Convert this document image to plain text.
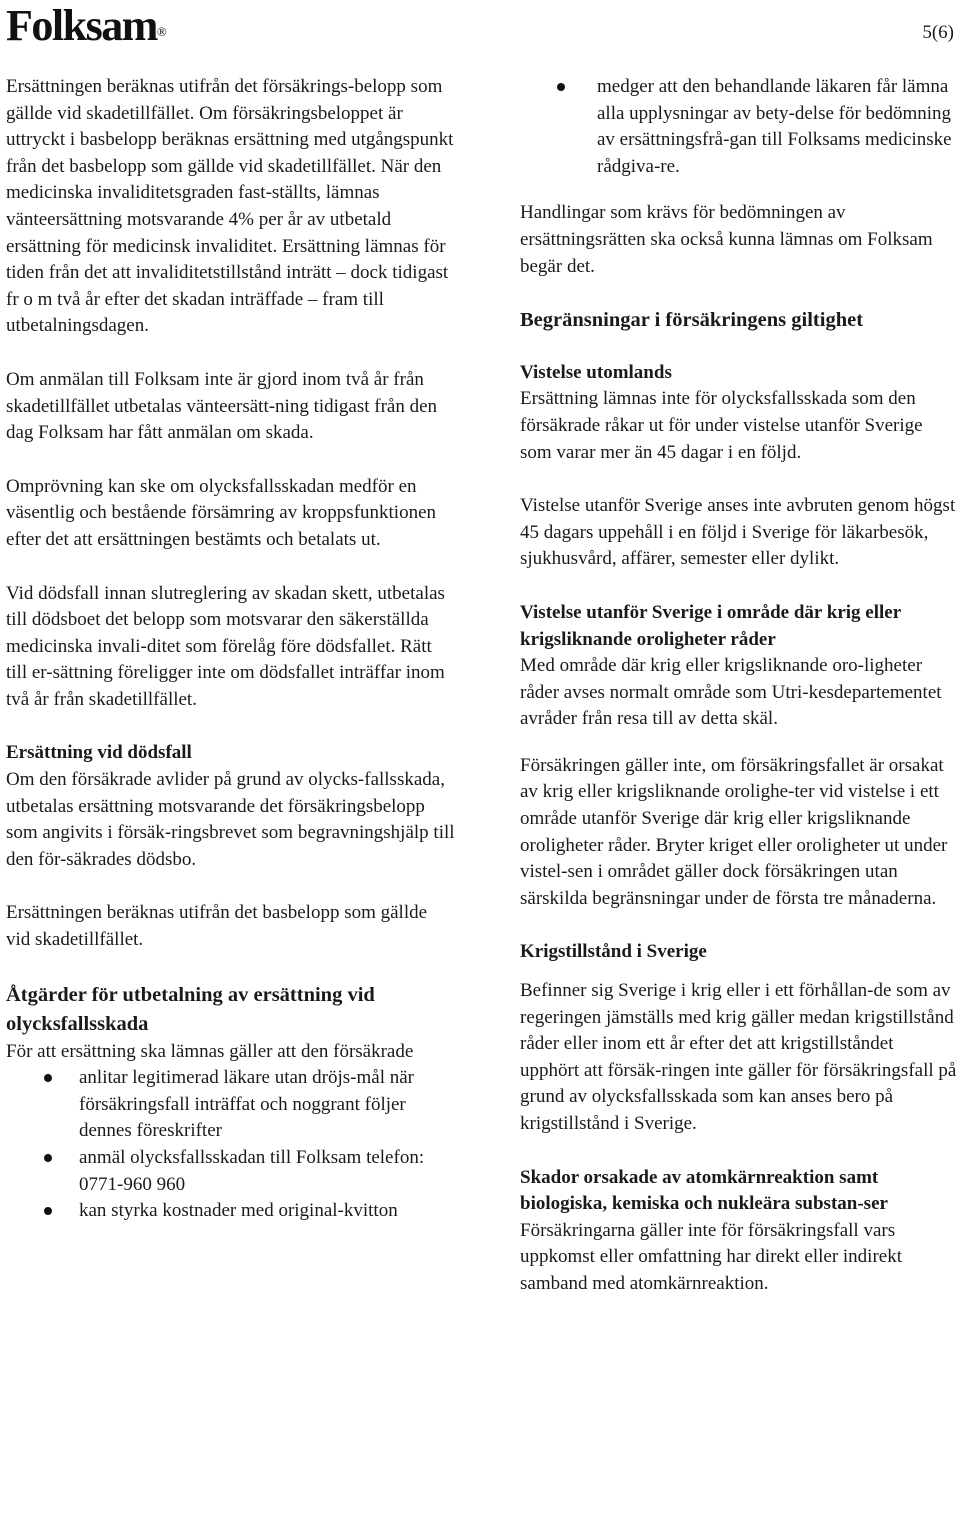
Folksam®	5(6)

Ersättningen beräknas utifrån det försäkrings-belopp som gällde vid skadetillfället. Om försäkringsbeloppet är uttryckt i basbelopp beräknas ersättning med utgångspunkt från det basbelopp som gällde vid skadetillfället. När den medicinska invaliditetsgraden fast-ställts, lämnas vänteersättning motsvarande 4% per år av utbetald ersättning för medicinsk invaliditet. Ersättning lämnas för tiden från det att invaliditetstillstånd inträtt – dock tidigast fr o m två år efter det skadan inträffade – fram till utbetalningsdagen.

Om anmälan till Folksam inte är gjord inom två år från skadetillfället utbetalas vänteersätt-ning tidigast från den dag Folksam har fått anmälan om skada.

Omprövning kan ske om olycksfallsskadan medför en väsentlig och bestående försämring av kroppsfunktionen efter det att ersättningen bestämts och betalats ut.

Vid dödsfall innan slutreglering av skadan skett, utbetalas till dödsboet det belopp som motsvarar den säkerställda medicinska invali-ditet som förelåg före dödsfallet. Rätt till er-sättning föreligger inte om dödsfallet inträffar inom två år från skadetillfället.

Ersättning vid dödsfall

Om den försäkrade avlider på grund av olycks-fallsskada, utbetalas ersättning motsvarande det försäkringsbelopp som angivits i försäk-ringsbrevet som begravningshjälp till den för-säkrades dödsbo.

Ersättningen beräknas utifrån det basbelopp som gällde vid skadetillfället.

Åtgärder för utbetalning av ersättning vid olycksfallsskada
För att ersättning ska lämnas gäller att den försäkrade
anlitar legitimerad läkare utan dröjs-mål när försäkringsfall inträffat och noggrant följer dennes föreskrifter
anmäl olycksfallsskadan till Folksam telefon: 0771-960 960
kan styrka kostnader med original-kvitton
medger att den behandlande läkaren får lämna alla upplysningar av bety-delse för bedömning av ersättningsfrå-gan till Folksams medicinske rådgiva-re.

Handlingar som krävs för bedömningen av ersättningsrätten ska också kunna lämnas om Folksam begär det.

Begränsningar i försäkringens giltighet

Vistelse utomlands

Ersättning lämnas inte för olycksfallsskada som den försäkrade råkar ut för under vistelse utanför Sverige som varar mer än 45 dagar i en följd.

Vistelse utanför Sverige anses inte avbruten genom högst 45 dagars uppehåll i en följd i Sverige för läkarbesök, sjukhusvård, affärer, semester eller dylikt.

Vistelse utanför Sverige i område där krig eller krigsliknande oroligheter råder

Med område där krig eller krigsliknande oro-ligheter råder avses normalt område som Utri-kesdepartementet avråder från resa till av detta skäl.

Försäkringen gäller inte, om försäkringsfallet är orsakat av krig eller krigsliknande orolighe-ter vid vistelse i ett område utanför Sverige där krig eller krigsliknande oroligheter råder. Bryter kriget eller oroligheter ut under vistel-sen i området gäller dock försäkringen utan särskilda begränsningar under de första tre månaderna.

Krigstillstånd i Sverige

Befinner sig Sverige i krig eller i ett förhållan-de som av regeringen jämställs med krig gäller medan krigstillstånd råder eller inom ett år efter det att krigstillståndet upphört att försäk-ringen inte gäller för försäkringsfall på grund av olycksfallsskada som kan anses bero på krigstillstånd i Sverige.

Skador orsakade av atomkärnreaktion samt biologiska, kemiska och nukleära substan-ser

Försäkringarna gäller inte för försäkringsfall vars uppkomst eller omfattning har direkt eller indirekt samband med atomkärnreaktion.
